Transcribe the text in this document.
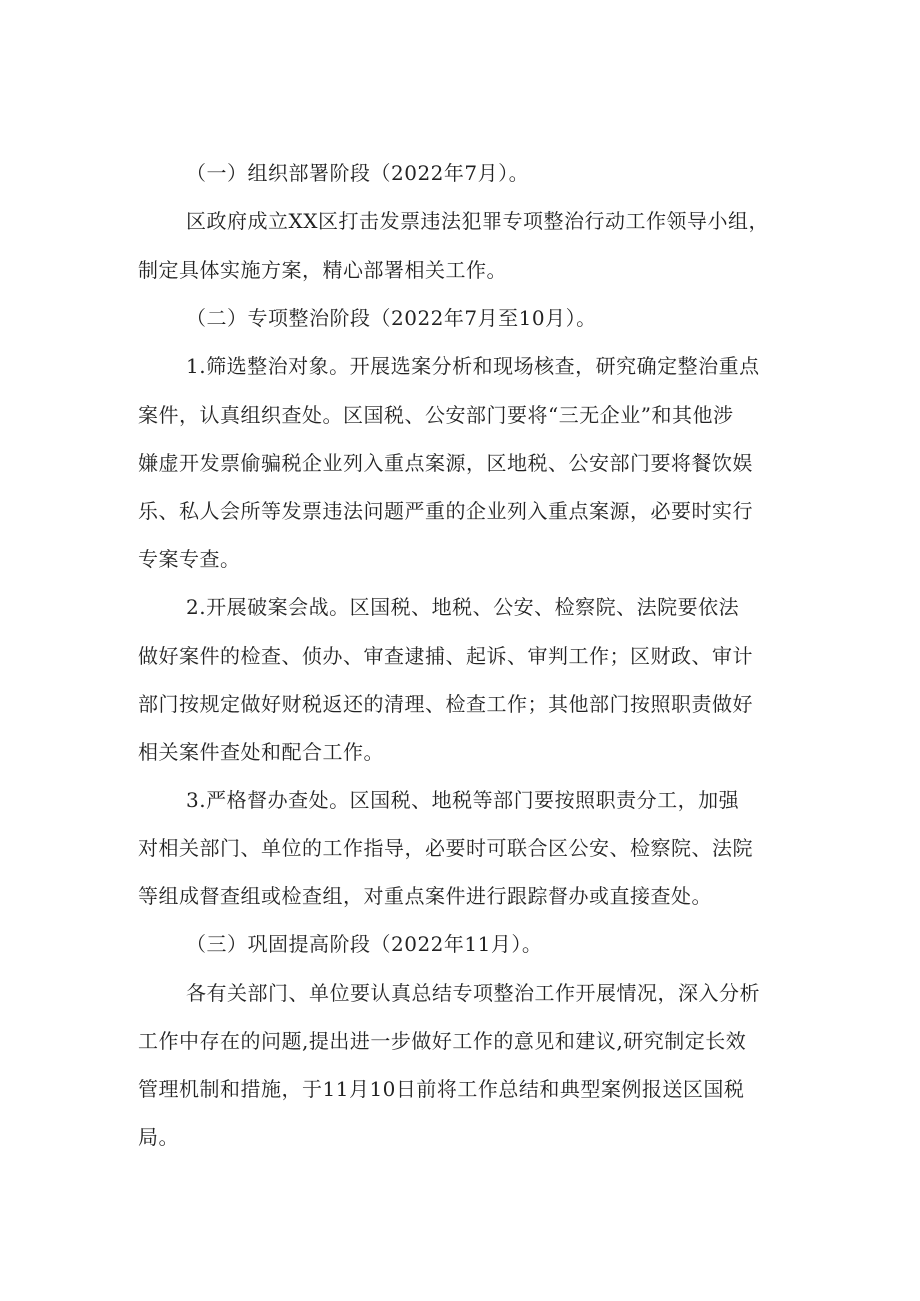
（一）组织部署阶段（2022年7月）。
区政府成立XX区打击发票违法犯罪专项整治行动工作领导小组，
制定具体实施方案，精心部署相关工作。
（二）专项整治阶段（2022年7月至10月）。
1.筛选整治对象。开展选案分析和现场核查，研究确定整治重点
案件，认真组织查处。区国税、公安部门要将“三无企业”和其他涉
嫌虚开发票偷骗税企业列入重点案源，区地税、公安部门要将餐饮娱
乐、私人会所等发票违法问题严重的企业列入重点案源，必要时实行
专案专查。
2.开展破案会战。区国税、地税、公安、检察院、法院要依法
做好案件的检查、侦办、审查逮捕、起诉、审判工作；区财政、审计
部门按规定做好财税返还的清理、检查工作；其他部门按照职责做好
相关案件查处和配合工作。
3.严格督办查处。区国税、地税等部门要按照职责分工，加强
对相关部门、单位的工作指导，必要时可联合区公安、检察院、法院
等组成督查组或检查组，对重点案件进行跟踪督办或直接查处。
（三）巩固提高阶段（2022年11月）。
各有关部门、单位要认真总结专项整治工作开展情况，深入分析
工作中存在的问题,提出进一步做好工作的意见和建议,研究制定长效
管理机制和措施，于11月10日前将工作总结和典型案例报送区国税
局。
